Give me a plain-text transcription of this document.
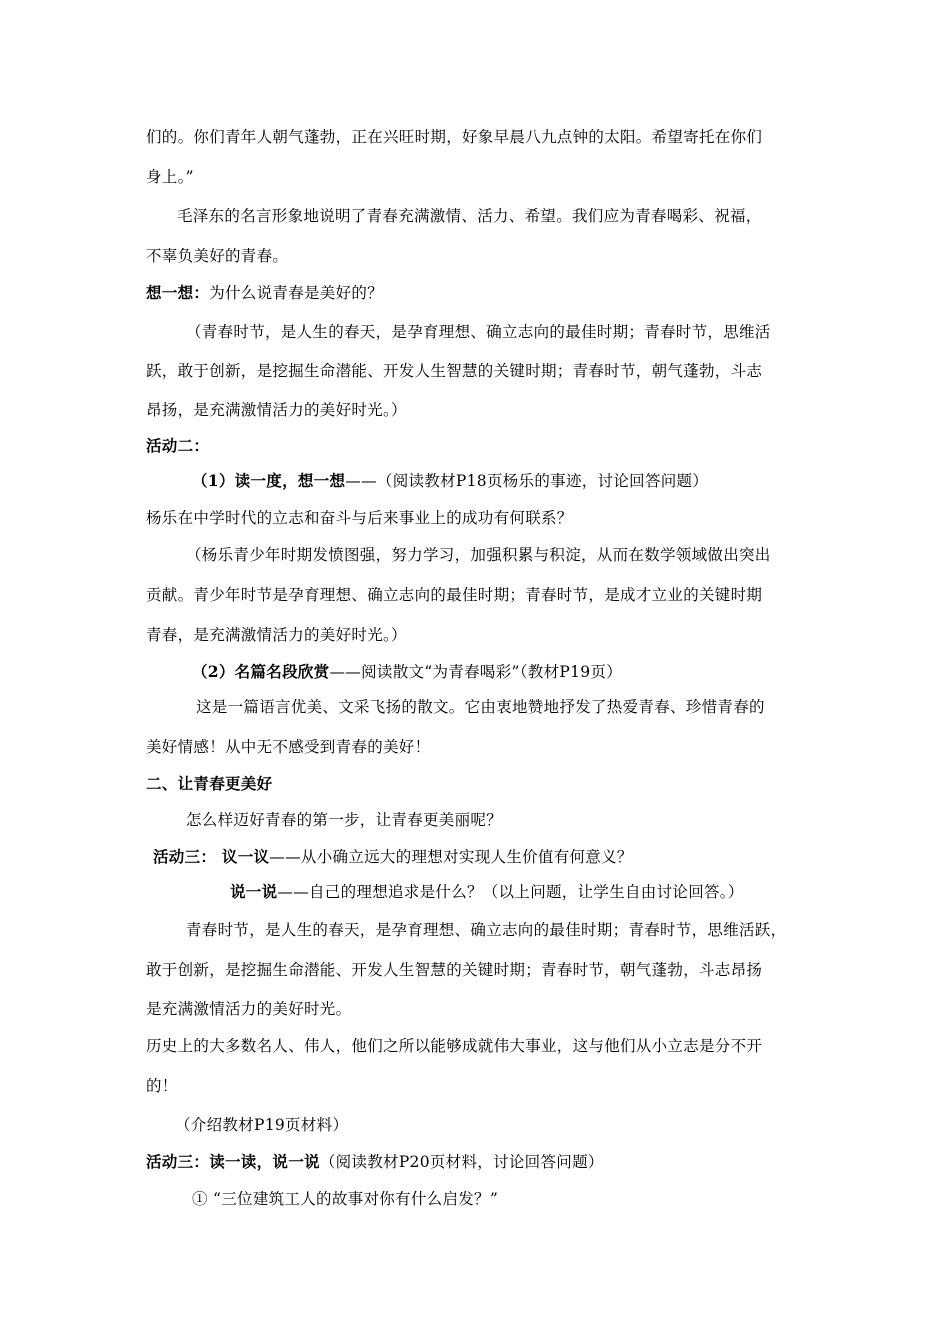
们的。你们青年人朝气蓬勃，正在兴旺时期，好象早晨八九点钟的太阳。希望寄托在你们
身上。”
毛泽东的名言形象地说明了青春充满激情、活力、希望。我们应为青春喝彩、祝福，
不辜负美好的青春。
想一想：为什么说青春是美好的？
（青春时节，是人生的春天，是孕育理想、确立志向的最佳时期；青春时节，思维活
跃，敢于创新，是挖掘生命潜能、开发人生智慧的关键时期；青春时节，朝气蓬勃，斗志
昂扬，是充满激情活力的美好时光。）
活动二：
（1）读一度，想一想——（阅读教材P18页杨乐的事迹，讨论回答问题）
杨乐在中学时代的立志和奋斗与后来事业上的成功有何联系？
（杨乐青少年时期发愤图强，努力学习，加强积累与积淀，从而在数学领域做出突出
贡献。青少年时节是孕育理想、确立志向的最佳时期；青春时节，是成才立业的关键时期
青春，是充满激情活力的美好时光。）
（2）名篇名段欣赏——阅读散文“为青春喝彩”（教材P19页）
这是一篇语言优美、文采飞扬的散文。它由衷地赞地抒发了热爱青春、珍惜青春的
美好情感！从中无不感受到青春的美好！
二、让青春更美好
怎么样迈好青春的第一步，让青春更美丽呢？
活动三： 议一议——从小确立远大的理想对实现人生价值有何意义？
说一说——自己的理想追求是什么？（以上问题，让学生自由讨论回答。）
青春时节，是人生的春天，是孕育理想、确立志向的最佳时期；青春时节，思维活跃，
敢于创新，是挖掘生命潜能、开发人生智慧的关键时期；青春时节，朝气蓬勃，斗志昂扬
是充满激情活力的美好时光。
历史上的大多数名人、伟人，他们之所以能够成就伟大事业，这与他们从小立志是分不开
的！
（介绍教材P19页材料）
活动三：读一读，说一说（阅读教材P20页材料，讨论回答问题）
① “三位建筑工人的故事对你有什么启发？”
